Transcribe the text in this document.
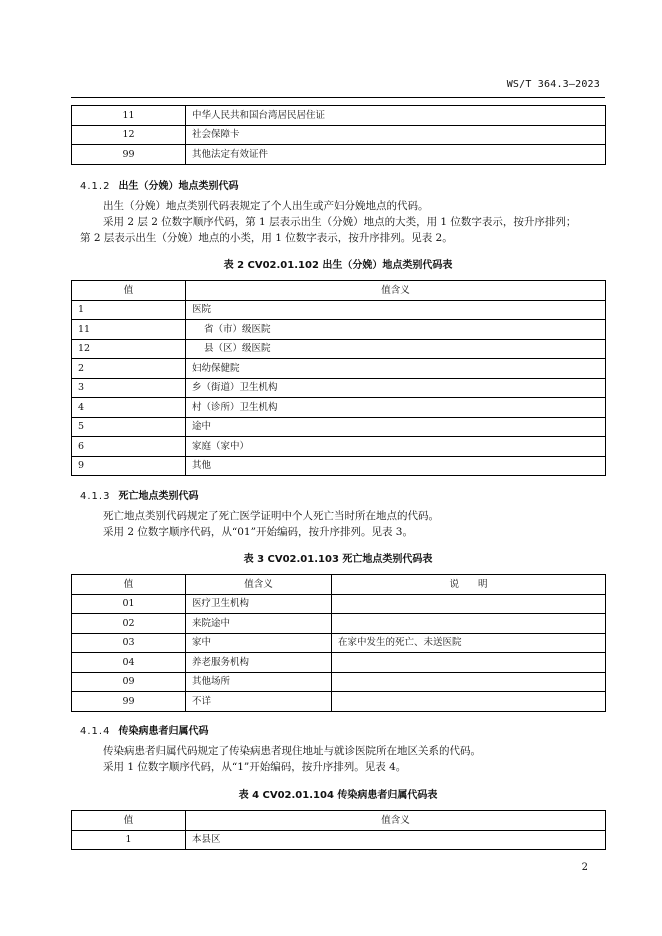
WS/T 364.3—2023
11	中华人民共和国台湾居民居住证
12	社会保障卡
99	其他法定有效证件
4.1.2 出生（分娩）地点类别代码
出生（分娩）地点类别代码表规定了个人出生或产妇分娩地点的代码。
采用 2 层 2 位数字顺序代码，第 1 层表示出生（分娩）地点的大类，用 1 位数字表示，按升序排列；
第 2 层表示出生（分娩）地点的小类，用 1 位数字表示，按升序排列。见表 2。
表 2 CV02.01.102 出生（分娩）地点类别代码表
值	值含义
1	医院
11	省（市）级医院
12	县（区）级医院
2	妇幼保健院
3	乡（街道）卫生机构
4	村（诊所）卫生机构
5	途中
6	家庭（家中）
9	其他
4.1.3 死亡地点类别代码
死亡地点类别代码规定了死亡医学证明中个人死亡当时所在地点的代码。
采用 2 位数字顺序代码，从“01”开始编码，按升序排列。见表 3。
表 3 CV02.01.103 死亡地点类别代码表
值	值含义	说　　明
01	医疗卫生机构	
02	来院途中	
03	家中	在家中发生的死亡、未送医院
04	养老服务机构	
09	其他场所	
99	不详	
4.1.4 传染病患者归属代码
传染病患者归属代码规定了传染病患者现住地址与就诊医院所在地区关系的代码。
采用 1 位数字顺序代码，从“1”开始编码，按升序排列。见表 4。
表 4 CV02.01.104 传染病患者归属代码表
值	值含义
1	本县区
2
